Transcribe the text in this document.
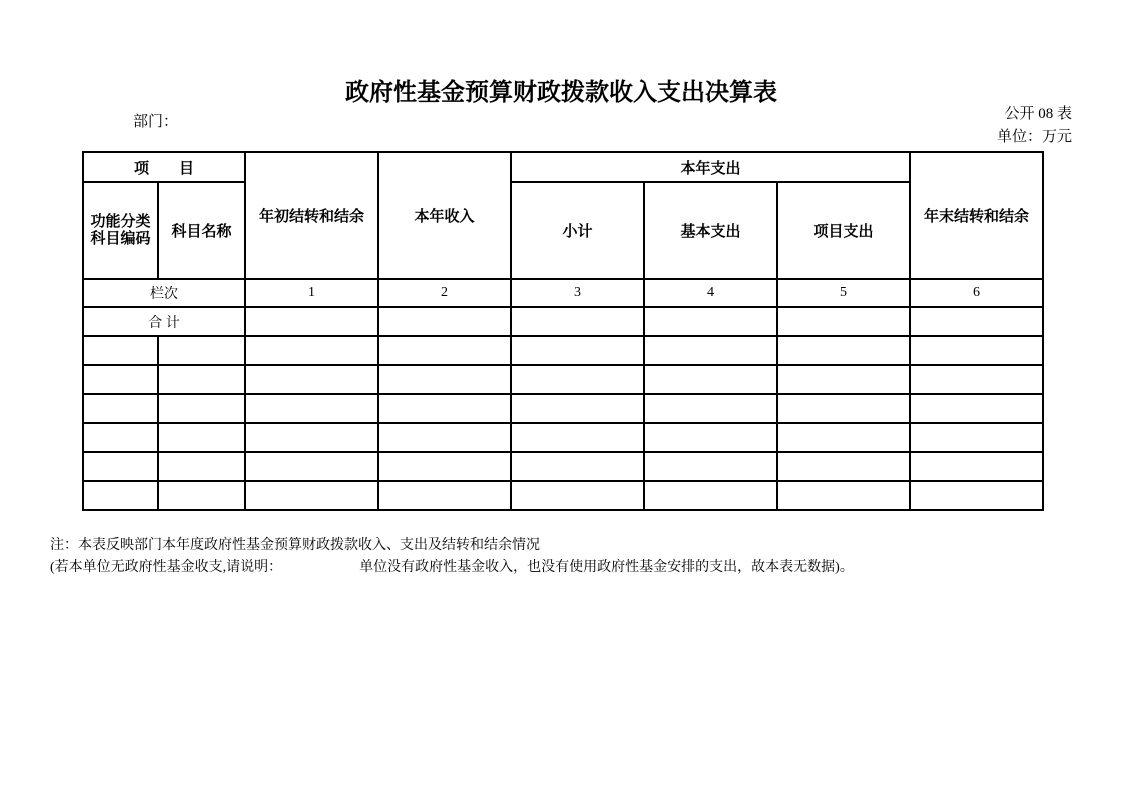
政府性基金预算财政拨款收入支出决算表
部门：	公开 08 表
单位：万元
项　　目		年初结转和结余	本年收入	本年支出			年末结转和结余

功能分类
科目编码	科目名称			小计	基本支出	项目支出	
栏次		1	2	3	4	5	6
合 计							

注：本表反映部门本年度政府性基金预算财政拨款收入、支出及结转和结余情况
(若本单位无政府性基金收支,请说明：　　　　　　单位没有政府性基金收入，也没有使用政府性基金安排的支出，故本表无数据)。
